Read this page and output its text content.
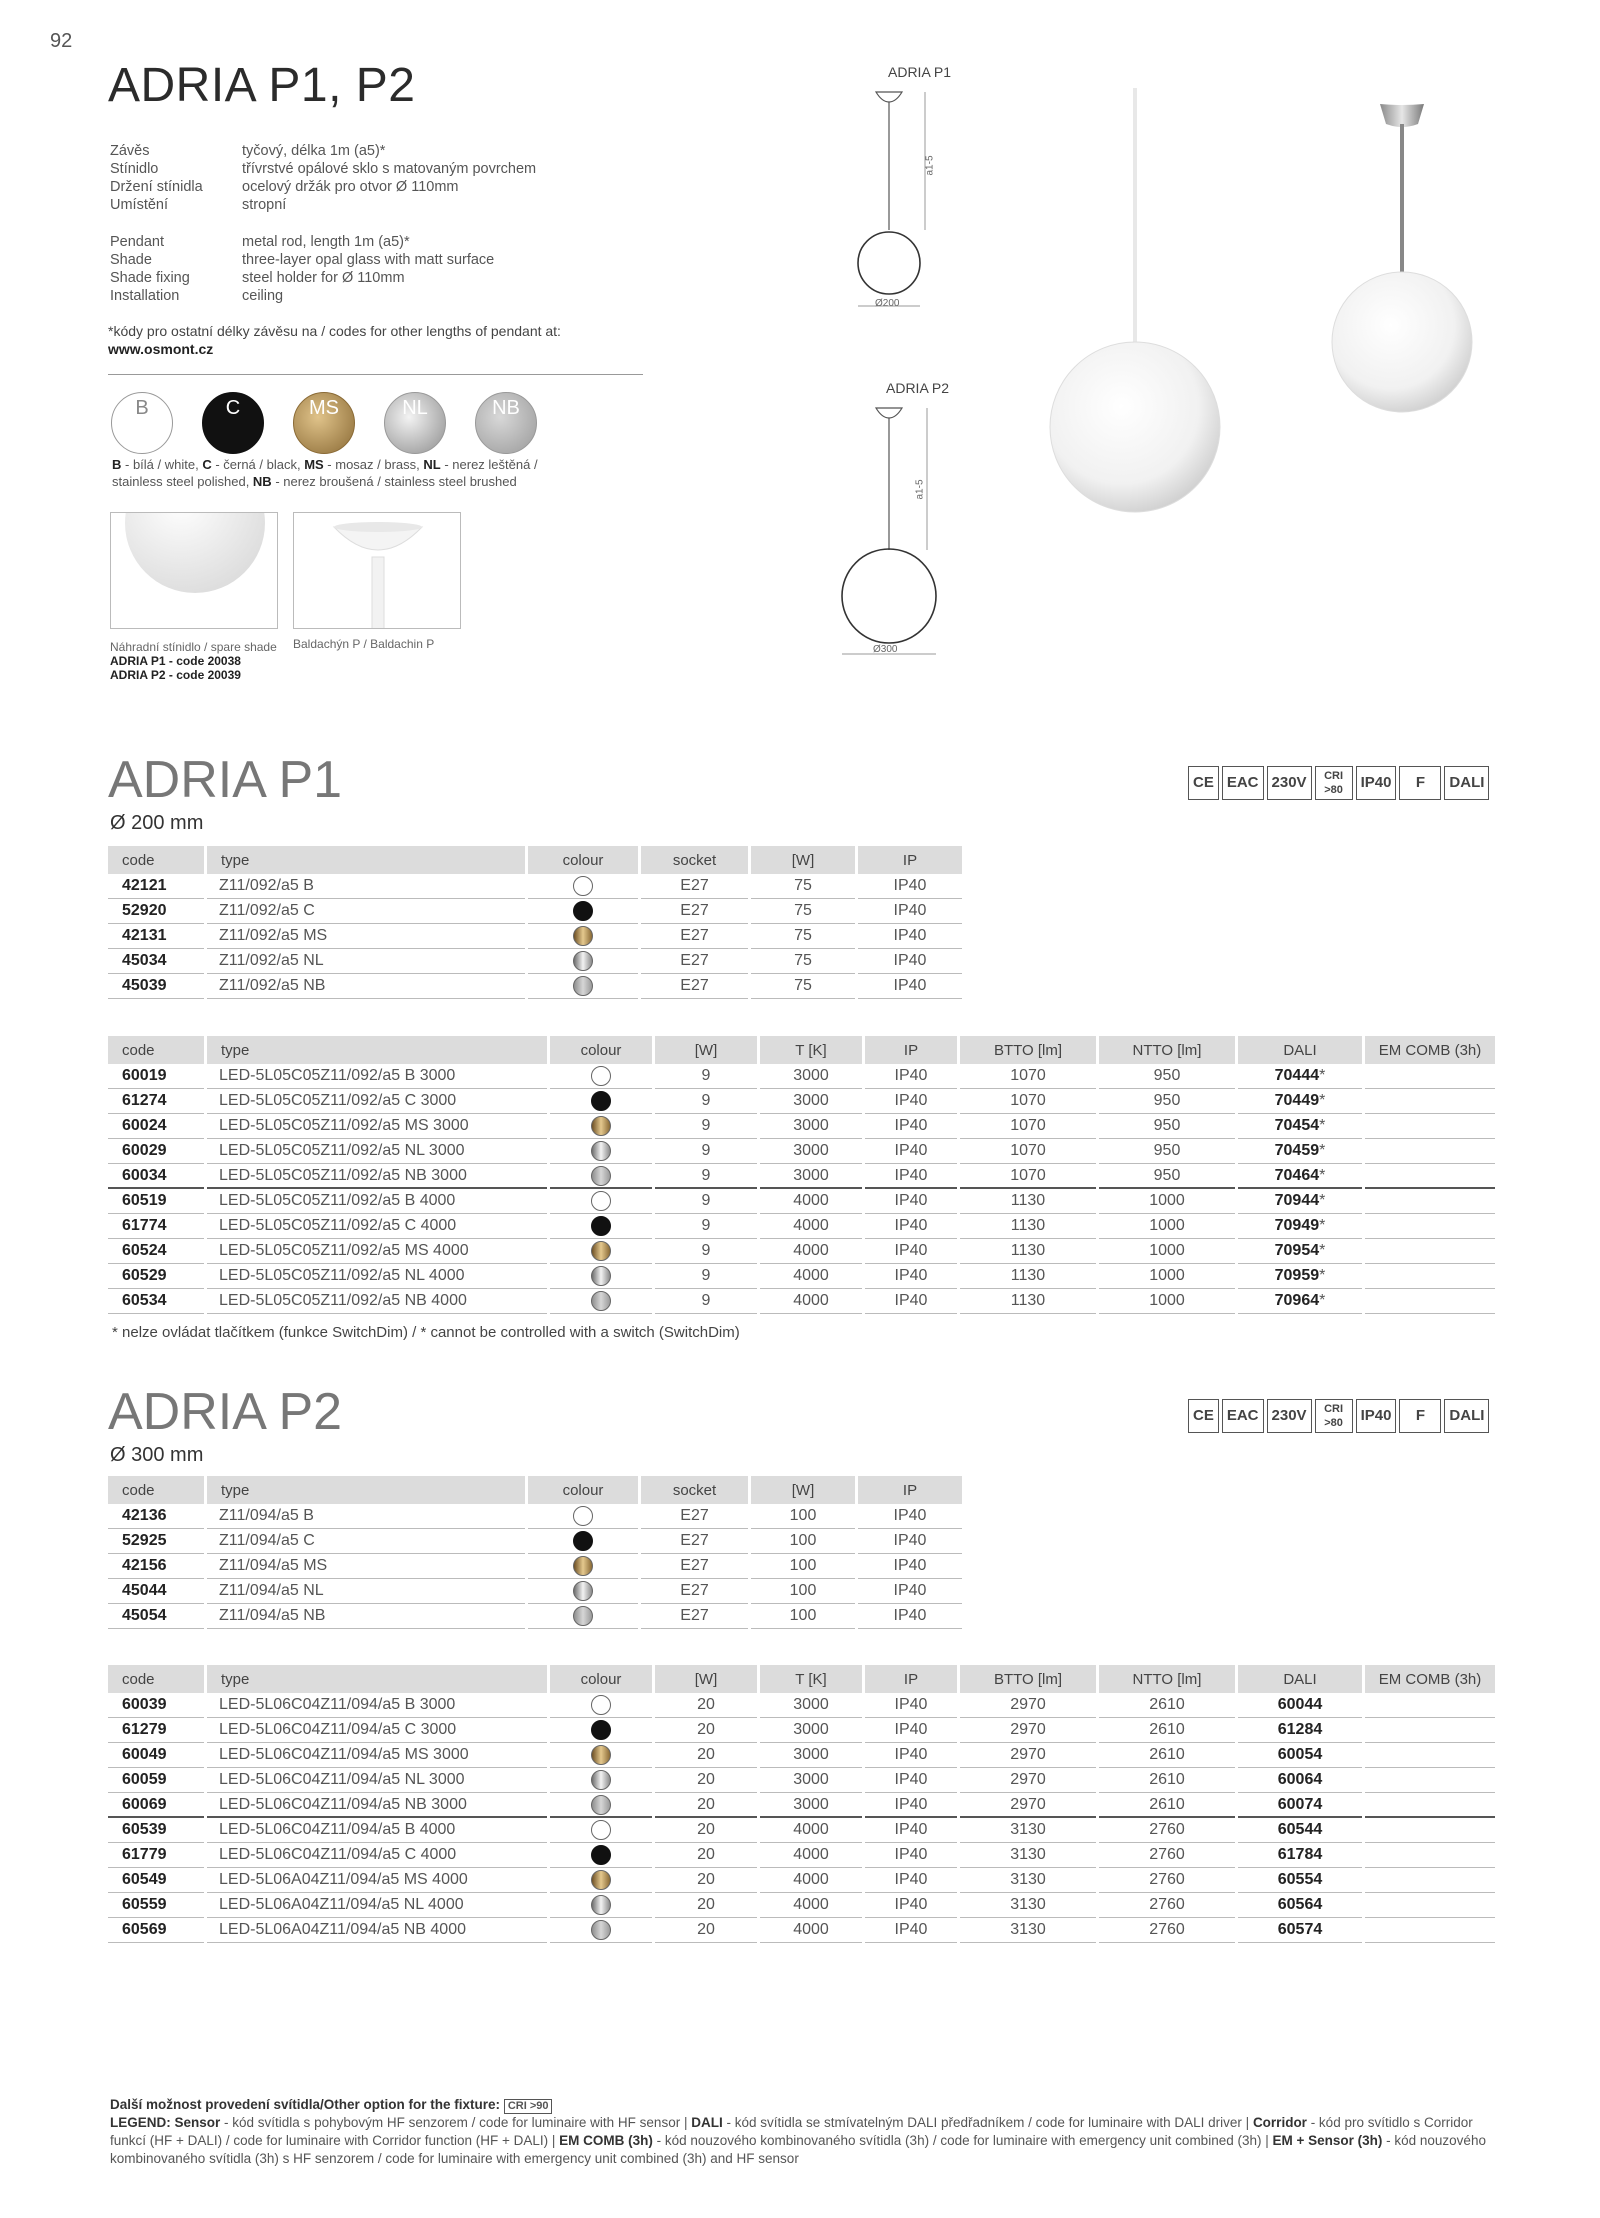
92
ADRIA P1, P2
Závěs	tyčový, délka 1m (a5)*
Stínidlo	třívrstvé opálové sklo s matovaným povrchem
Držení stínidla	ocelový držák pro otvor Ø 110mm
Umístění	stropní
Pendant	metal rod, length 1m (a5)*
Shade	three-layer opal glass with matt surface
Shade fixing	steel holder for Ø 110mm
Installation	ceiling
*kódy pro ostatní délky závěsu na / codes for other lengths of pendant at:
www.osmont.cz
B	C	MS	NL	NB
B - bílá / white, C - černá / black, MS - mosaz / brass, NL - nerez leštěná /
stainless steel polished, NB - nerez broušená / stainless steel brushed
Náhradní stínidlo / spare shade
ADRIA P1 - code 20038
ADRIA P2 - code 20039
Baldachýn P / Baldachin P
ADRIA P1
a1-5
Ø200
ADRIA P2
a1-5
Ø300
ADRIA P1
Ø 200 mm
CE EAC 230V	CRI >80	IP40	F	DALI
code	type	colour	socket	[W]	IP
42121	Z11/092/a5 B		E27	75	IP40
52920	Z11/092/a5 C		E27	75	IP40
42131	Z11/092/a5 MS		E27	75	IP40
45034	Z11/092/a5 NL		E27	75	IP40
45039	Z11/092/a5 NB		E27	75	IP40
code	type	colour	[W]	T [K]	IP	BTTO [lm]	NTTO [lm]	DALI	EM COMB (3h)
60019	LED-5L05C05Z11/092/a5 B 3000		9	3000	IP40	1070	950	70444*	
61274	LED-5L05C05Z11/092/a5 C 3000		9	3000	IP40	1070	950	70449*	
60024	LED-5L05C05Z11/092/a5 MS 3000		9	3000	IP40	1070	950	70454*	
60029	LED-5L05C05Z11/092/a5 NL 3000		9	3000	IP40	1070	950	70459*	
60034	LED-5L05C05Z11/092/a5 NB 3000		9	3000	IP40	1070	950	70464*	
60519	LED-5L05C05Z11/092/a5 B 4000		9	4000	IP40	1130	1000	70944*	
61774	LED-5L05C05Z11/092/a5 C 4000		9	4000	IP40	1130	1000	70949*	
60524	LED-5L05C05Z11/092/a5 MS 4000		9	4000	IP40	1130	1000	70954*	
60529	LED-5L05C05Z11/092/a5 NL 4000		9	4000	IP40	1130	1000	70959*	
60534	LED-5L05C05Z11/092/a5 NB 4000		9	4000	IP40	1130	1000	70964*	
* nelze ovládat tlačítkem (funkce SwitchDim) / * cannot be controlled with a switch (SwitchDim)
ADRIA P2
Ø 300 mm
CE EAC 230V	CRI >80	IP40	F	DALI
code	type	colour	socket	[W]	IP
42136	Z11/094/a5 B		E27	100	IP40
52925	Z11/094/a5 C		E27	100	IP40
42156	Z11/094/a5 MS		E27	100	IP40
45044	Z11/094/a5 NL		E27	100	IP40
45054	Z11/094/a5 NB		E27	100	IP40
code	type	colour	[W]	T [K]	IP	BTTO [lm]	NTTO [lm]	DALI	EM COMB (3h)
60039	LED-5L06C04Z11/094/a5 B 3000		20	3000	IP40	2970	2610	60044	
61279	LED-5L06C04Z11/094/a5 C 3000		20	3000	IP40	2970	2610	61284	
60049	LED-5L06C04Z11/094/a5 MS 3000		20	3000	IP40	2970	2610	60054	
60059	LED-5L06C04Z11/094/a5 NL 3000		20	3000	IP40	2970	2610	60064	
60069	LED-5L06C04Z11/094/a5 NB 3000		20	3000	IP40	2970	2610	60074	
60539	LED-5L06C04Z11/094/a5 B 4000		20	4000	IP40	3130	2760	60544	
61779	LED-5L06C04Z11/094/a5 C 4000		20	4000	IP40	3130	2760	61784	
60549	LED-5L06A04Z11/094/a5 MS 4000		20	4000	IP40	3130	2760	60554	
60559	LED-5L06A04Z11/094/a5 NL 4000		20	4000	IP40	3130	2760	60564	
60569	LED-5L06A04Z11/094/a5 NB 4000		20	4000	IP40	3130	2760	60574	
Další možnost provedení svítidla/Other option for the fixture: CRI >90
LEGEND: Sensor - kód svítidla s pohybovým HF senzorem / code for luminaire with HF sensor | DALI - kód svítidla se stmívatelným DALI předřadníkem / code for luminaire with DALI driver | Corridor - kód pro svítidlo s Corridor funkcí (HF + DALI) / code for luminaire with Corridor function (HF + DALI) | EM COMB (3h) - kód nouzového kombinovaného svítidla (3h) / code for luminaire with emergency unit combined (3h) | EM + Sensor (3h) - kód nouzového kombinovaného svítidla (3h) s HF senzorem / code for luminaire with emergency unit combined (3h) and HF sensor
